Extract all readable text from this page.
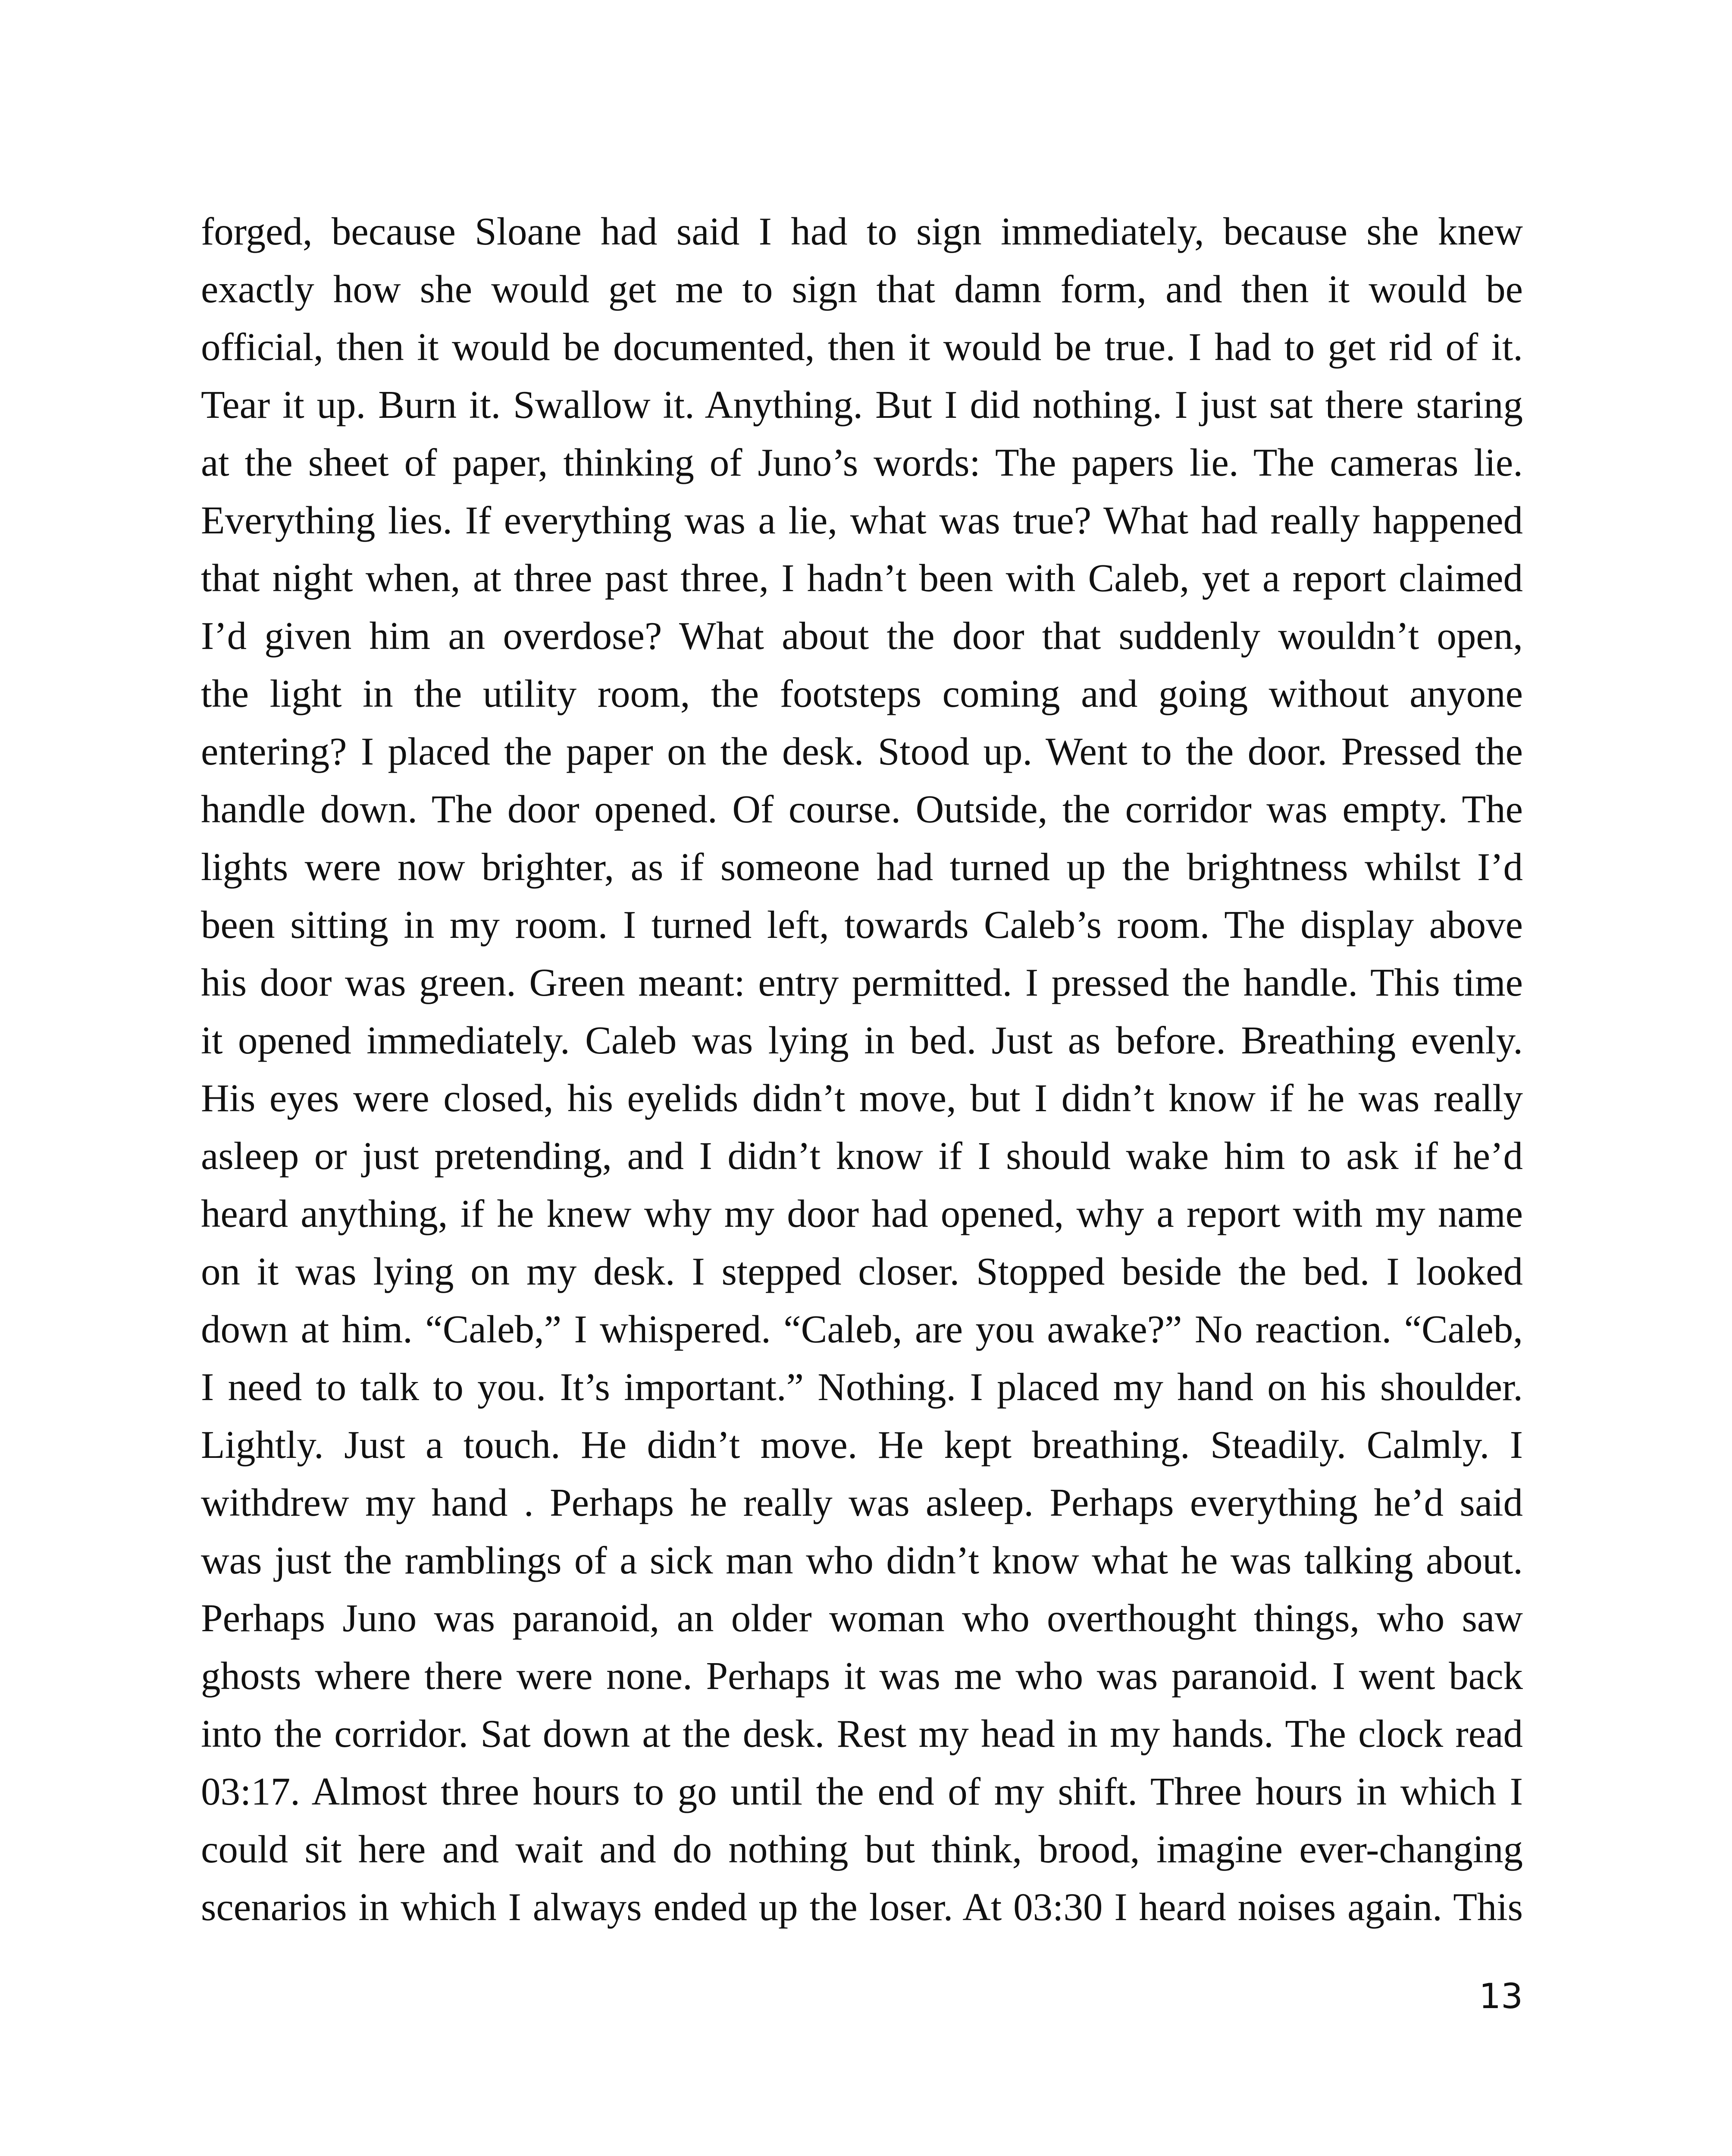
forged, because Sloane had said I had to sign immediately, because she knew
exactly how she would get me to sign that damn form, and then it would be
official, then it would be documented, then it would be true. I had to get rid of it.
Tear it up. Burn it. Swallow it. Anything. But I did nothing. I just sat there staring
at the sheet of paper, thinking of Juno’s words: The papers lie. The cameras lie.
Everything lies. If everything was a lie, what was true? What had really happened
that night when, at three past three, I hadn’t been with Caleb, yet a report claimed
I’d given him an overdose? What about the door that suddenly wouldn’t open,
the light in the utility room, the footsteps coming and going without anyone
entering? I placed the paper on the desk. Stood up. Went to the door. Pressed the
handle down. The door opened. Of course. Outside, the corridor was empty. The
lights were now brighter, as if someone had turned up the brightness whilst I’d
been sitting in my room. I turned left, towards Caleb’s room. The display above
his door was green. Green meant: entry permitted. I pressed the handle. This time
it opened immediately. Caleb was lying in bed. Just as before. Breathing evenly.
His eyes were closed, his eyelids didn’t move, but I didn’t know if he was really
asleep or just pretending, and I didn’t know if I should wake him to ask if he’d
heard anything, if he knew why my door had opened, why a report with my name
on it was lying on my desk. I stepped closer. Stopped beside the bed. I looked
down at him. “Caleb,” I whispered. “Caleb, are you awake?” No reaction. “Caleb,
I need to talk to you. It’s important.” Nothing. I placed my hand on his shoulder.
Lightly. Just a touch. He didn’t move. He kept breathing. Steadily. Calmly. I
withdrew my hand . Perhaps he really was asleep. Perhaps everything he’d said
was just the ramblings of a sick man who didn’t know what he was talking about.
Perhaps Juno was paranoid, an older woman who overthought things, who saw
ghosts where there were none. Perhaps it was me who was paranoid. I went back
into the corridor. Sat down at the desk. Rest my head in my hands. The clock read
03:17. Almost three hours to go until the end of my shift. Three hours in which I
could sit here and wait and do nothing but think, brood, imagine ever-changing
scenarios in which I always ended up the loser. At 03:30 I heard noises again. This
13
